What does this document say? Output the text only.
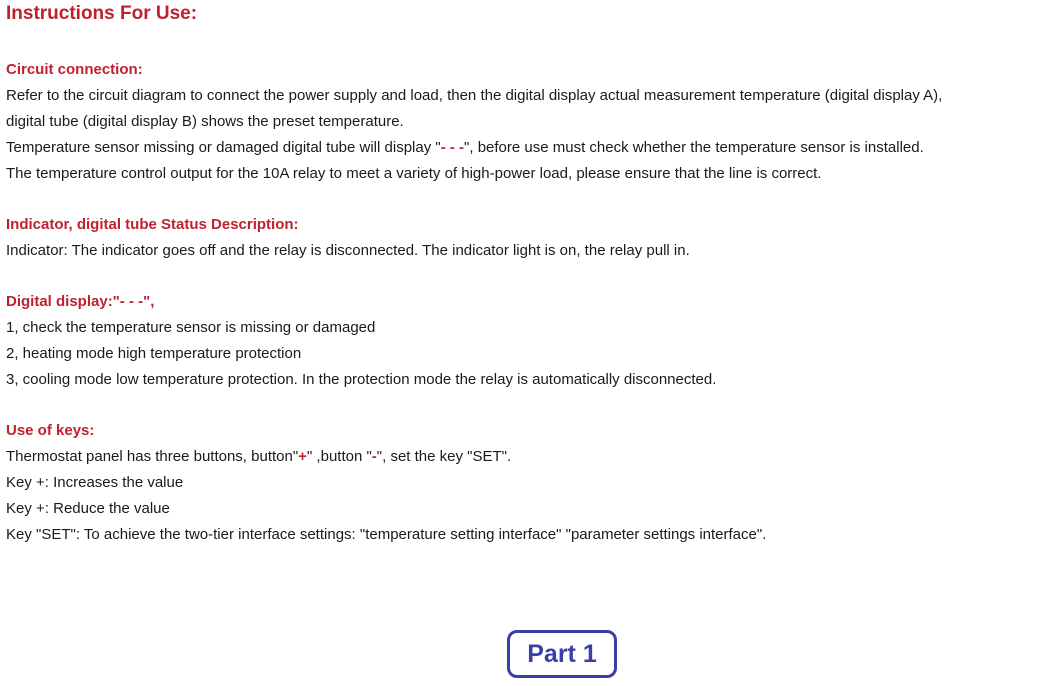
Instructions For Use:

Circuit connection:

Refer to the circuit diagram to connect the power supply and load, then the digital display actual measurement temperature (digital display A),

digital tube (digital display B) shows the preset temperature.

Temperature sensor missing or damaged digital tube will display "- - -", before use must check whether the temperature sensor is installed.

The temperature control output for the 10A relay to meet a variety of high-power load, please ensure that the line is correct.

Indicator, digital tube Status Description:

Indicator: The indicator goes off and the relay is disconnected. The indicator light is on, the relay pull in.

Digital display:"- - -",

1, check the temperature sensor is missing or damaged

2, heating mode high temperature protection

3, cooling mode low temperature protection. In the protection mode the relay is automatically disconnected.

Use of keys:

Thermostat panel has three buttons, button"+" ,button "-", set the key "SET".

Key +: Increases the value

Key +: Reduce the value

Key "SET": To achieve the two-tier interface settings: "temperature setting interface" "parameter settings interface".

Part 1
